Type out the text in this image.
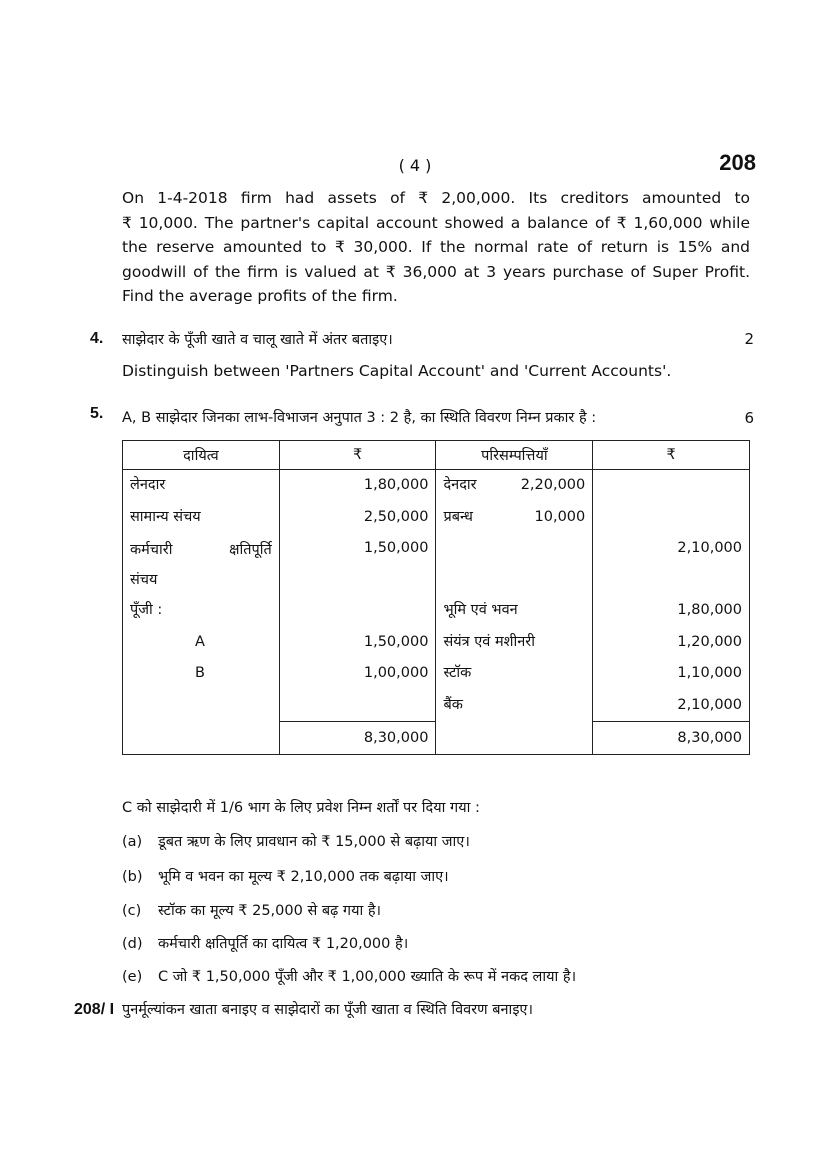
( 4 )	208

On 1-4-2018 firm had assets of ₹ 2,00,000. Its creditors amounted to

₹ 10,000. The partner's capital account showed a balance of ₹ 1,60,000 while

the reserve amounted to ₹ 30,000. If the normal rate of return is 15% and

goodwill of the firm is valued at ₹ 36,000 at 3 years purchase of Super Profit.

Find the average profits of the firm.

4. साझेदार के पूँजी खाते व चालू खाते में अंतर बताइए।	2
Distinguish between 'Partners Capital Account' and 'Current Accounts'.
5. A, B साझेदार जिनका लाभ-विभाजन अनुपात 3 : 2 है, का स्थिति विवरण निम्न प्रकार है :	6
दायित्व	₹	परिसम्पत्तियाँ	₹
लेनदार	1,80,000	देनदार 2,20,000	

सामान्य संचय	2,50,000	प्रबन्ध 10,000	

कर्मचारी क्षतिपूर्ति
संचय	1,50,000		2,10,000
पूँजी :		भूमि एवं भवन	1,80,000
A	1,50,000	संयंत्र एवं मशीनरी	1,20,000
B	1,00,000	स्टॉक	1,10,000
		बैंक	2,10,000
	8,30,000		8,30,000
C को साझेदारी में 1/6 भाग के लिए प्रवेश निम्न शर्तों पर दिया गया :
(a) डूबत ऋण के लिए प्रावधान को ₹ 15,000 से बढ़ाया जाए।
(b) भूमि व भवन का मूल्य ₹ 2,10,000 तक बढ़ाया जाए।
(c) स्टॉक का मूल्य ₹ 25,000 से बढ़ गया है।
(d) कर्मचारी क्षतिपूर्ति का दायित्व ₹ 1,20,000 है।
(e) C जो ₹ 1,50,000 पूँजी और ₹ 1,00,000 ख्याति के रूप में नकद लाया है।
पुनर्मूल्यांकन खाता बनाइए व साझेदारों का पूँजी खाता व स्थिति विवरण बनाइए।
208/ I
